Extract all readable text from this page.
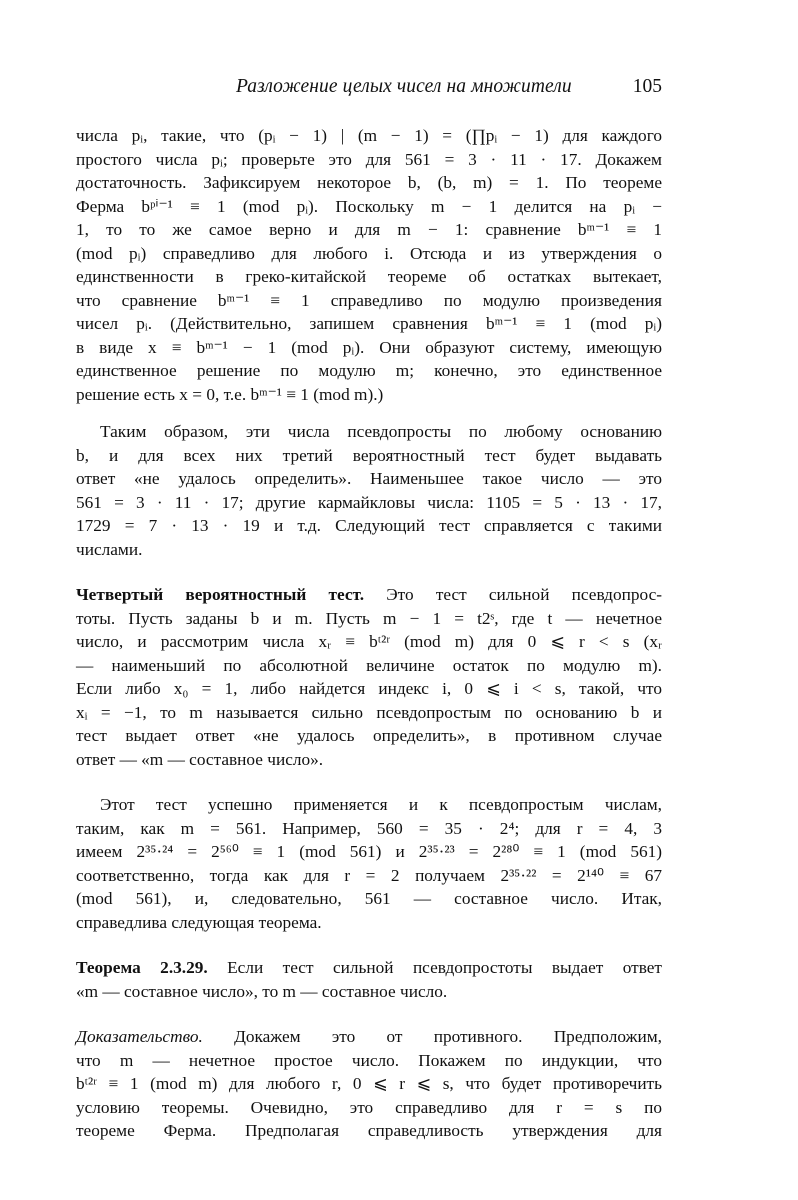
Разложение целых чисел на множители	105

числа pᵢ, такие, что (pᵢ − 1) | (m − 1) = (∏pᵢ − 1) для каждого
простого числа pᵢ; проверьте это для 561 = 3 · 11 · 17. Докажем
достаточность. Зафиксируем некоторое b, (b, m) = 1. По теореме
Ферма bᵖⁱ⁻¹ ≡ 1 (mod pᵢ). Поскольку m − 1 делится на pᵢ −
1, то то же самое верно и для m − 1: сравнение bᵐ⁻¹ ≡ 1
(mod pᵢ) справедливо для любого i. Отсюда и из утверждения о
единственности в греко-китайской теореме об остатках вытекает,
что сравнение bᵐ⁻¹ ≡ 1 справедливо по модулю произведения
чисел pᵢ. (Действительно, запишем сравнения bᵐ⁻¹ ≡ 1 (mod pᵢ)
в виде x ≡ bᵐ⁻¹ − 1 (mod pᵢ). Они образуют систему, имеющую
единственное решение по модулю m; конечно, это единственное
решение есть x = 0, т.е. bᵐ⁻¹ ≡ 1 (mod m).)

Таким образом, эти числа псевдопросты по любому основанию
b, и для всех них третий вероятностный тест будет выдавать
ответ «не удалось определить». Наименьшее такое число — это
561 = 3 · 11 · 17; другие кармайкловы числа: 1105 = 5 · 13 · 17,
1729 = 7 · 13 · 19 и т.д. Следующий тест справляется с такими
числами.

Четвертый вероятностный тест. Это тест сильной псевдопрос-
тоты. Пусть заданы b и m. Пусть m − 1 = t2ˢ, где t — нечетное
число, и рассмотрим числа xᵣ ≡ bᵗ²ʳ (mod m) для 0 ⩽ r < s (xᵣ
— наименьший по абсолютной величине остаток по модулю m).
Если либо x₀ = 1, либо найдется индекс i, 0 ⩽ i < s, такой, что
xᵢ = −1, то m называется сильно псевдопростым по основанию b и
тест выдает ответ «не удалось определить», в противном случае
ответ — «m — составное число».

Этот тест успешно применяется и к псевдопростым числам,
таким, как m = 561. Например, 560 = 35 · 2⁴; для r = 4, 3
имеем 2³⁵·²⁴ = 2⁵⁶⁰ ≡ 1 (mod 561) и 2³⁵·²³ = 2²⁸⁰ ≡ 1 (mod 561)
соответственно, тогда как для r = 2 получаем 2³⁵·²² = 2¹⁴⁰ ≡ 67
(mod 561), и, следовательно, 561 — составное число. Итак,
справедлива следующая теорема.

Теорема 2.3.29. Если тест сильной псевдопростоты выдает ответ
«m — составное число», то m — составное число.

Доказательство. Докажем это от противного. Предположим,
что m — нечетное простое число. Покажем по индукции, что
bᵗ²ʳ ≡ 1 (mod m) для любого r, 0 ⩽ r ⩽ s, что будет противоречить
условию теоремы. Очевидно, это справедливо для r = s по
теореме Ферма. Предполагая справедливость утверждения для
